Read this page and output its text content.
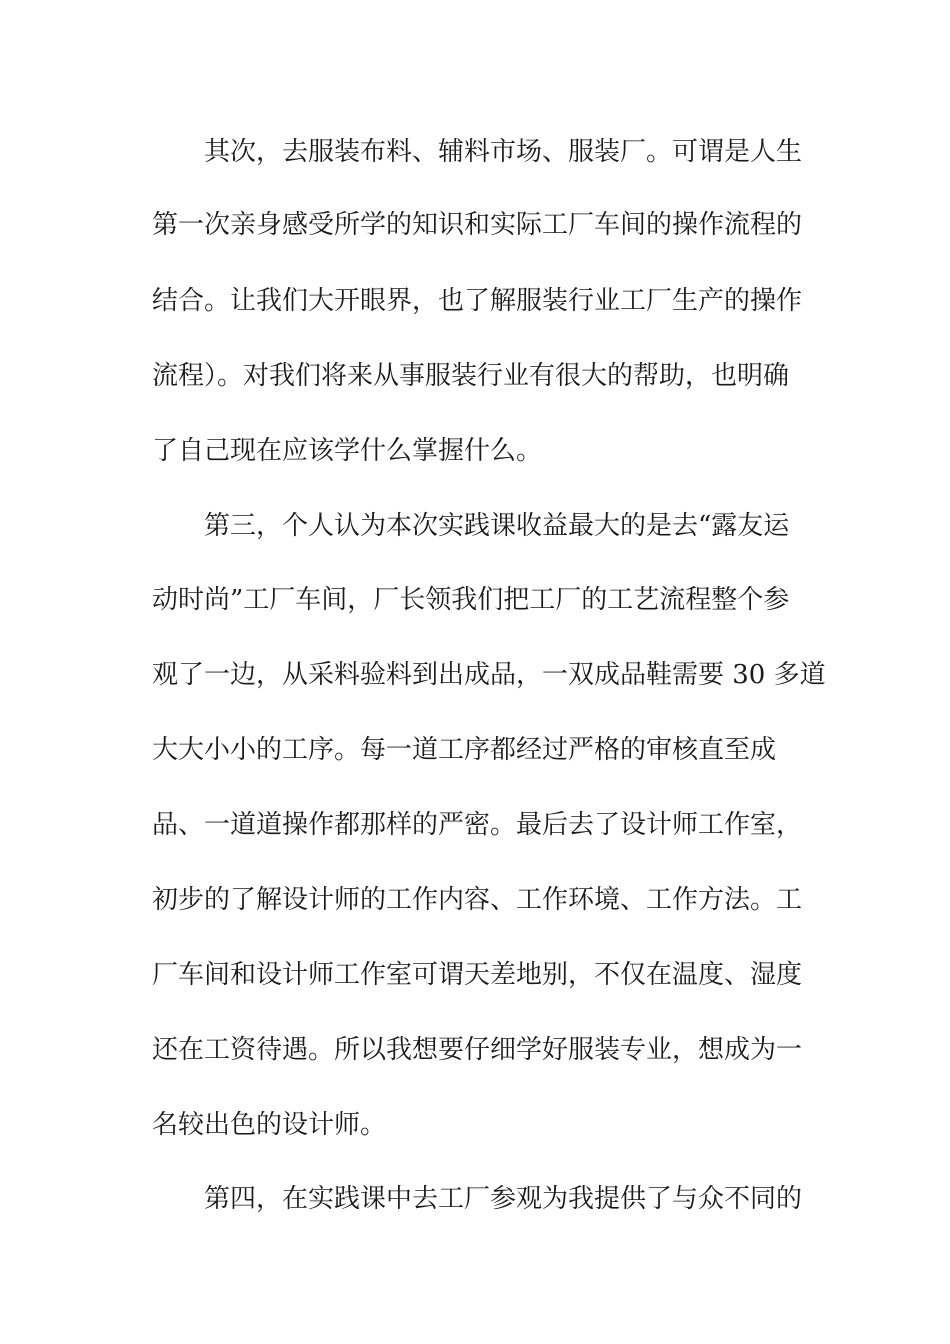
其次，去服装布料、辅料市场、服装厂。可谓是人生
第一次亲身感受所学的知识和实际工厂车间的操作流程的
结合。让我们大开眼界，也了解服装行业工厂生产的操作
流程）。对我们将来从事服装行业有很大的帮助，也明确
了自己现在应该学什么掌握什么。
第三，个人认为本次实践课收益最大的是去“露友运
动时尚”工厂车间，厂长领我们把工厂的工艺流程整个参
观了一边，从采料验料到出成品，一双成品鞋需要 30 多道
大大小小的工序。每一道工序都经过严格的审核直至成
品、一道道操作都那样的严密。最后去了设计师工作室，
初步的了解设计师的工作内容、工作环境、工作方法。工
厂车间和设计师工作室可谓天差地别，不仅在温度、湿度
还在工资待遇。所以我想要仔细学好服装专业，想成为一
名较出色的设计师。
第四，在实践课中去工厂参观为我提供了与众不同的
